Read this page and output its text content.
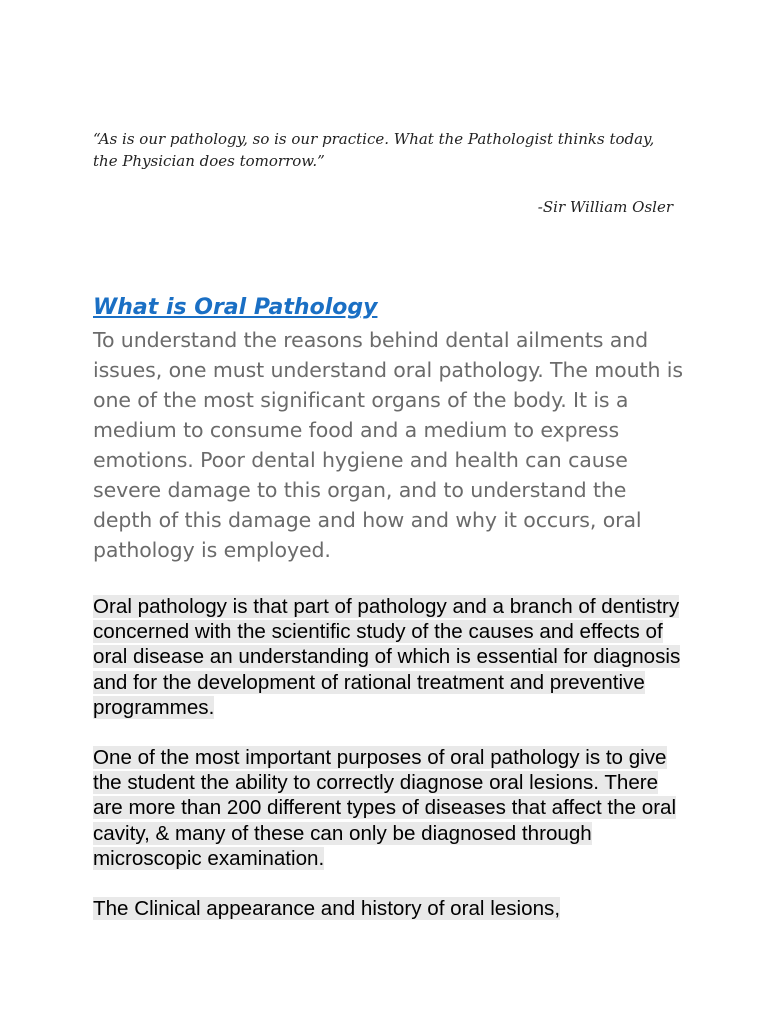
“As is our pathology, so is our practice. What the Pathologist thinks today, the Physician does tomorrow.”
-Sir William Osler
What is Oral Pathology
To understand the reasons behind dental ailments and issues, one must understand oral pathology. The mouth is one of the most significant organs of the body. It is a medium to consume food and a medium to express emotions. Poor dental hygiene and health can cause severe damage to this organ, and to understand the depth of this damage and how and why it occurs, oral pathology is employed.
Oral pathology is that part of pathology and a branch of dentistry concerned with the scientific study of the causes and effects of oral disease an understanding of which is essential for diagnosis and for the development of rational treatment and preventive programmes.
One of the most important purposes of oral pathology is to give the student the ability to correctly diagnose oral lesions. There are more than 200 different types of diseases that affect the oral cavity, & many of these can only be diagnosed through microscopic examination.
The Clinical appearance and history of oral lesions,
